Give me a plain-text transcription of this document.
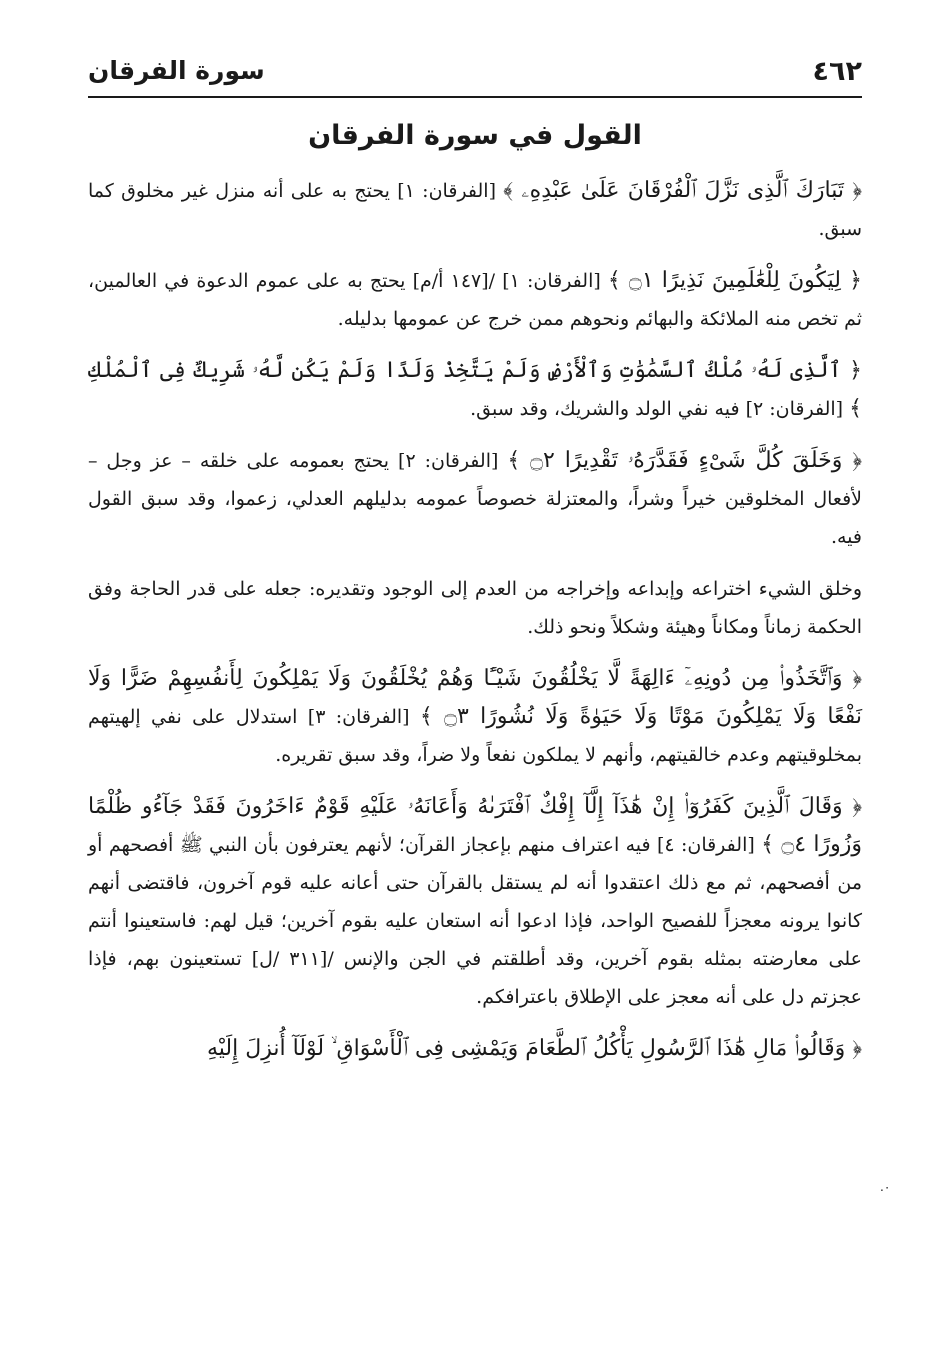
٤٦٢
سورة الفرقان
القول في سورة الفرقان

﴿ تَبَارَكَ ٱلَّذِى نَزَّلَ ٱلْفُرْقَانَ عَلَىٰ عَبْدِهِۦ ﴾ [الفرقان: ١] يحتج به على أنه منزل غير مخلوق كما سبق.

﴿ لِيَكُونَ لِلْعَٰلَمِينَ نَذِيرًا ۝١ ﴾ [الفرقان: ١] /[١٤٧ أ/م] يحتج به على عموم الدعوة في العالمين، ثم تخص منه الملائكة والبهائم ونحوهم ممن خرج عن عمومها بدليله.

﴿ ٱلَّذِى لَهُۥ مُلْكُ ٱلسَّمَٰوَٰتِ وَٱلْأَرْضِ وَلَمْ يَتَّخِذْ وَلَدًا وَلَمْ يَكُن لَّهُۥ شَرِيكٌ فِى ٱلْمُلْكِ ﴾ [الفرقان: ٢] فيه نفي الولد والشريك، وقد سبق.

﴿ وَخَلَقَ كُلَّ شَىْءٍ فَقَدَّرَهُۥ تَقْدِيرًا ۝٢ ﴾ [الفرقان: ٢] يحتج بعمومه على خلقه – عز وجل – لأفعال المخلوقين خيراً وشراً، والمعتزلة خصوصاً عمومه بدليلهم العدلي، زعموا، وقد سبق القول فيه.

وخلق الشيء اختراعه وإبداعه وإخراجه من العدم إلى الوجود وتقديره: جعله على قدر الحاجة وفق الحكمة زماناً ومكاناً وهيئة وشكلاً ونحو ذلك.

﴿ وَٱتَّخَذُوا۟ مِن دُونِهِۦٓ ءَالِهَةً لَّا يَخْلُقُونَ شَيْـًٔا وَهُمْ يُخْلَقُونَ وَلَا يَمْلِكُونَ لِأَنفُسِهِمْ ضَرًّا وَلَا نَفْعًا وَلَا يَمْلِكُونَ مَوْتًا وَلَا حَيَوٰةً وَلَا نُشُورًا ۝٣ ﴾ [الفرقان: ٣] استدلال على نفي إلهيتهم بمخلوقيتهم وعدم خالقيتهم، وأنهم لا يملكون نفعاً ولا ضراً، وقد سبق تقريره.

﴿ وَقَالَ ٱلَّذِينَ كَفَرُوٓا۟ إِنْ هَٰذَآ إِلَّآ إِفْكٌ ٱفْتَرَىٰهُ وَأَعَانَهُۥ عَلَيْهِ قَوْمٌ ءَاخَرُونَ فَقَدْ جَآءُو ظُلْمًا وَزُورًا ۝٤ ﴾ [الفرقان: ٤] فيه اعتراف منهم بإعجاز القرآن؛ لأنهم يعترفون بأن النبي ﷺ أفصحهم أو من أفصحهم، ثم مع ذلك اعتقدوا أنه لم يستقل بالقرآن حتى أعانه عليه قوم آخرون، فاقتضى أنهم كانوا يرونه معجزاً للفصيح الواحد، فإذا ادعوا أنه استعان عليه بقوم آخرين؛ قيل لهم: فاستعينوا أنتم على معارضته بمثله بقوم آخرين، وقد أطلقتم في الجن والإنس /[٣١١ /ل] تستعينون بهم، فإذا عجزتم دل على أنه معجز على الإطلاق باعترافكم.

﴿ وَقَالُوا۟ مَالِ هَٰذَا ٱلرَّسُولِ يَأْكُلُ ٱلطَّعَامَ وَيَمْشِى فِى ٱلْأَسْوَاقِ ۙ لَوْلَآ أُنزِلَ إِلَيْهِ

٠.
